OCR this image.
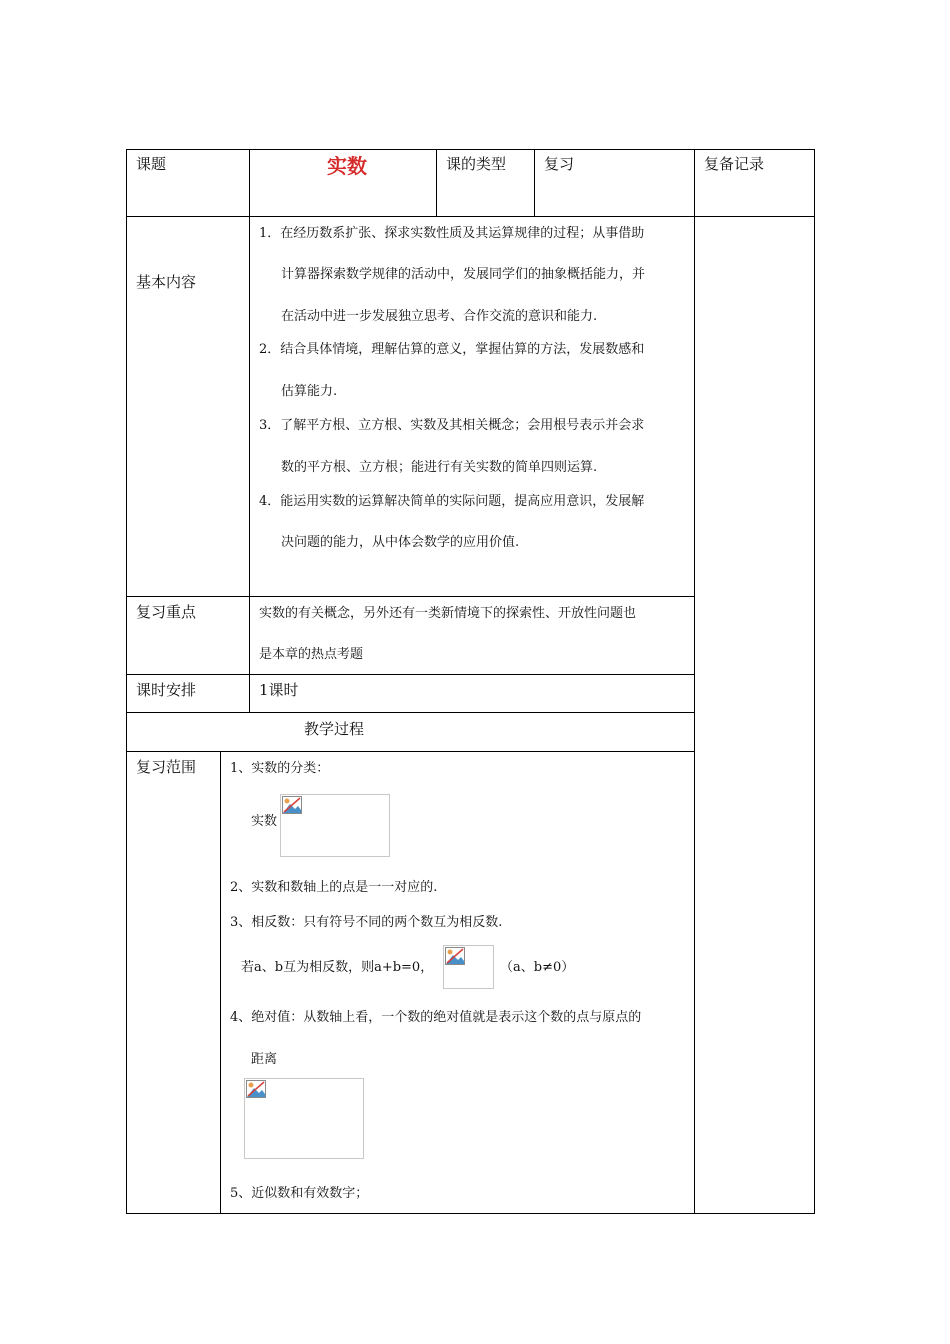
课题	实数	课的类型	复习	复备记录
基本内容
1．在经历数系扩张、探求实数性质及其运算规律的过程；从事借助
计算器探索数学规律的活动中，发展同学们的抽象概括能力，并
在活动中进一步发展独立思考、合作交流的意识和能力.
2．结合具体情境，理解估算的意义，掌握估算的方法，发展数感和
估算能力.
3．了解平方根、立方根、实数及其相关概念；会用根号表示并会求
数的平方根、立方根；能进行有关实数的简单四则运算.
4．能运用实数的运算解决简单的实际问题，提高应用意识，发展解
决问题的能力，从中体会数学的应用价值.
复习重点	实数的有关概念，另外还有一类新情境下的探索性、开放性问题也
是本章的热点考题
课时安排	1课时
教学过程
复习范围	1、实数的分类：
实数
2、实数和数轴上的点是一一对应的.
3、相反数：只有符号不同的两个数互为相反数.
若a、b互为相反数，则a+b=0，	（a、b≠0）
4、绝对值：从数轴上看，一个数的绝对值就是表示这个数的点与原点的
距离
5、近似数和有效数字；
